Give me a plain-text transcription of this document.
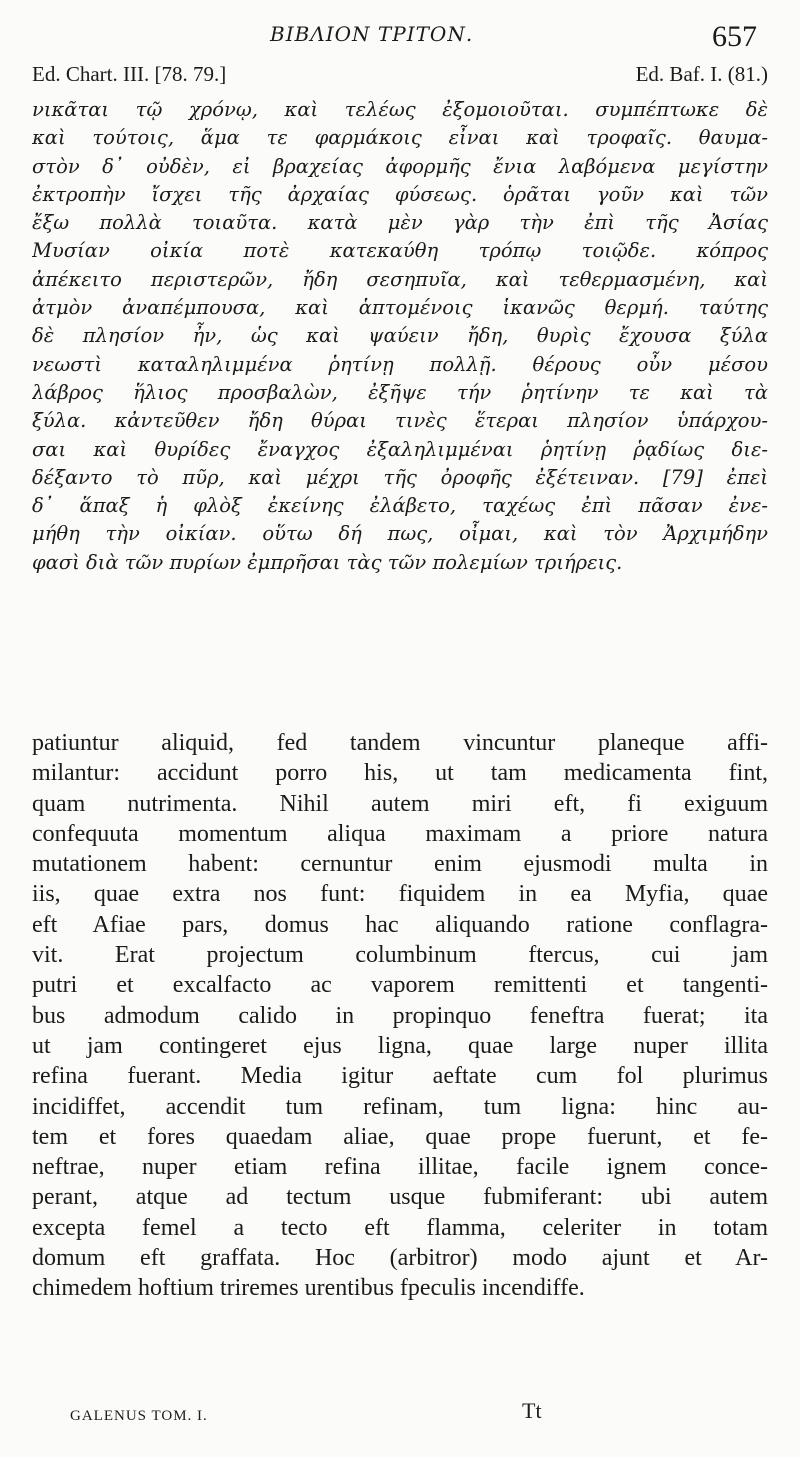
ΒΙΒΛΙΟΝ ΤΡΙΤΟΝ.	657
Ed. Chart. III. [78. 79.]	Ed. Baf. I. (81.)
νικᾶται τῷ χρόνῳ, καὶ τελέως ἐξομοιοῦται. συμπέπτωκε δὲ
καὶ τούτοις, ἅμα τε φαρμάκοις εἶναι καὶ τροφαῖς. θαυμα-
στὸν δ᾽ οὐδὲν, εἰ βραχείας ἀφορμῆς ἔνια λαβόμενα μεγίστην
ἐκτροπὴν ἴσχει τῆς ἀρχαίας φύσεως. ὁρᾶται γοῦν καὶ τῶν
ἔξω πολλὰ τοιαῦτα. κατὰ μὲν γὰρ τὴν ἐπὶ τῆς Ἀσίας
Μυσίαν οἰκία ποτὲ κατεκαύθη τρόπῳ τοιῷδε. κόπρος
ἀπέκειτο περιστερῶν, ἤδη σεσηπυῖα, καὶ τεθερμασμένη, καὶ
ἀτμὸν ἀναπέμπουσα, καὶ ἁπτομένοις ἱκανῶς θερμή. ταύτης
δὲ πλησίον ἦν, ὡς καὶ ψαύειν ἤδη, θυρὶς ἔχουσα ξύλα
νεωστὶ καταληλιμμένα ῥητίνῃ πολλῇ. θέρους οὖν μέσου
λάβρος ἥλιος προσβαλὼν, ἐξῆψε τήν ῥητίνην τε καὶ τὰ
ξύλα. κἀντεῦθεν ἤδη θύραι τινὲς ἕτεραι πλησίον ὑπάρχου-
σαι καὶ θυρίδες ἔναγχος ἐξαληλιμμέναι ῥητίνῃ ῥᾳδίως διε-
δέξαντο τὸ πῦρ, καὶ μέχρι τῆς ὀροφῆς ἐξέτειναν. [79] ἐπεὶ
δ᾽ ἅπαξ ἡ φλὸξ ἐκείνης ἐλάβετο, ταχέως ἐπὶ πᾶσαν ἐνε-
μήθη τὴν οἰκίαν. οὕτω δή πως, οἶμαι, καὶ τὸν Ἀρχιμήδην
φασὶ διὰ τῶν πυρίων ἐμπρῆσαι τὰς τῶν πολεμίων τριήρεις.
patiuntur aliquid, fed tandem vincuntur planeque affi-
milantur: accidunt porro his, ut tam medicamenta fint,
quam nutrimenta. Nihil autem miri eft, fi exiguum
confequuta momentum aliqua maximam a priore natura
mutationem habent: cernuntur enim ejusmodi multa in
iis, quae extra nos funt: fiquidem in ea Myfia, quae
eft Afiae pars, domus hac aliquando ratione conflagra-
vit. Erat projectum columbinum ftercus, cui jam
putri et excalfacto ac vaporem remittenti et tangenti-
bus admodum calido in propinquo feneftra fuerat; ita
ut jam contingeret ejus ligna, quae large nuper illita
refina fuerant. Media igitur aeftate cum fol plurimus
incidiffet, accendit tum refinam, tum ligna: hinc au-
tem et fores quaedam aliae, quae prope fuerunt, et fe-
neftrae, nuper etiam refina illitae, facile ignem conce-
perant, atque ad tectum usque fubmiferant: ubi autem
excepta femel a tecto eft flamma, celeriter in totam
domum eft graffata. Hoc (arbitror) modo ajunt et Ar-
chimedem hoftium triremes urentibus fpeculis incendiffe.
GALENUS TOM. I.	Tt
